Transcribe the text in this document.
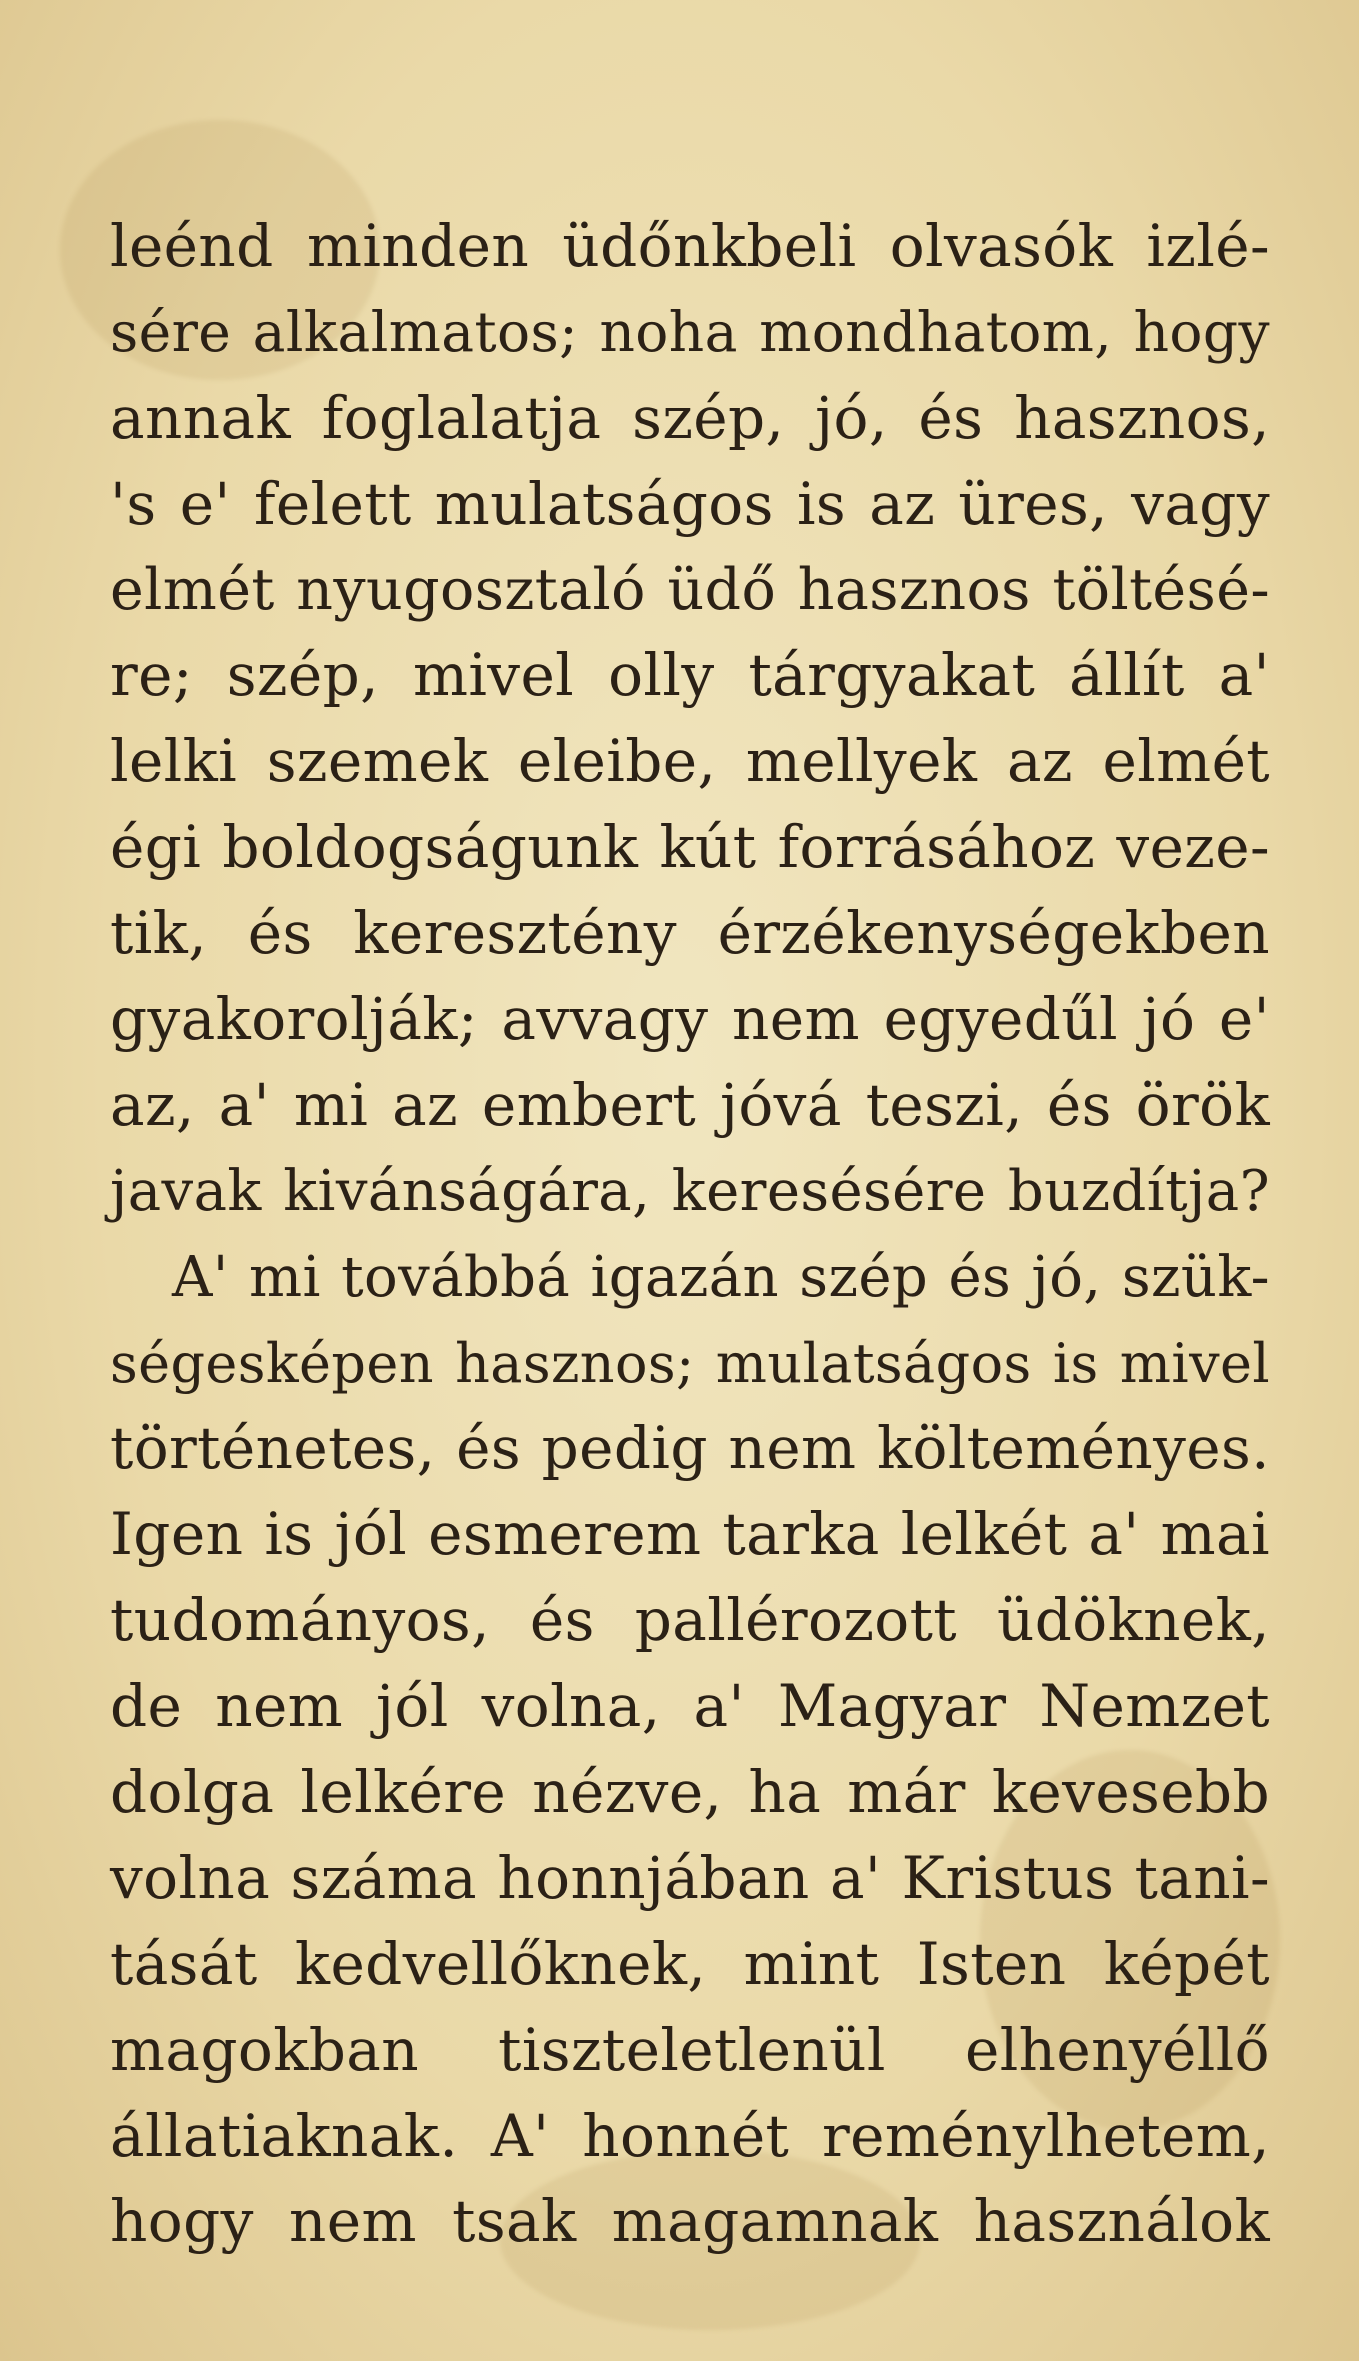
leénd minden üdőnkbeli olvasók izlé-
sére alkalmatos; noha mondhatom, hogy
annak foglalatja szép, jó, és hasznos,
's e' felett mulatságos is az üres, vagy
elmét nyugosztaló üdő hasznos töltésé-
re; szép, mivel olly tárgyakat állít a'
lelki szemek eleibe, mellyek az elmét
égi boldogságunk kút forrásához veze-
tik, és keresztény érzékenységekben
gyakorolják; avvagy nem egyedűl jó e'
az, a' mi az embert jóvá teszi, és örök
javak kivánságára, keresésére buzdítja?
A' mi továbbá igazán szép és jó, szük-
ségesképen hasznos; mulatságos is mivel
történetes, és pedig nem költeményes.
Igen is jól esmerem tarka lelkét a' mai
tudományos, és pallérozott üdöknek,
de nem jól volna, a' Magyar Nemzet
dolga lelkére nézve, ha már kevesebb
volna száma honnjában a' Kristus tani-
tását kedvellőknek, mint Isten képét
magokban tiszteletlenül elhenyéllő
állatiaknak. A' honnét reménylhetem,
hogy nem tsak magamnak használok
